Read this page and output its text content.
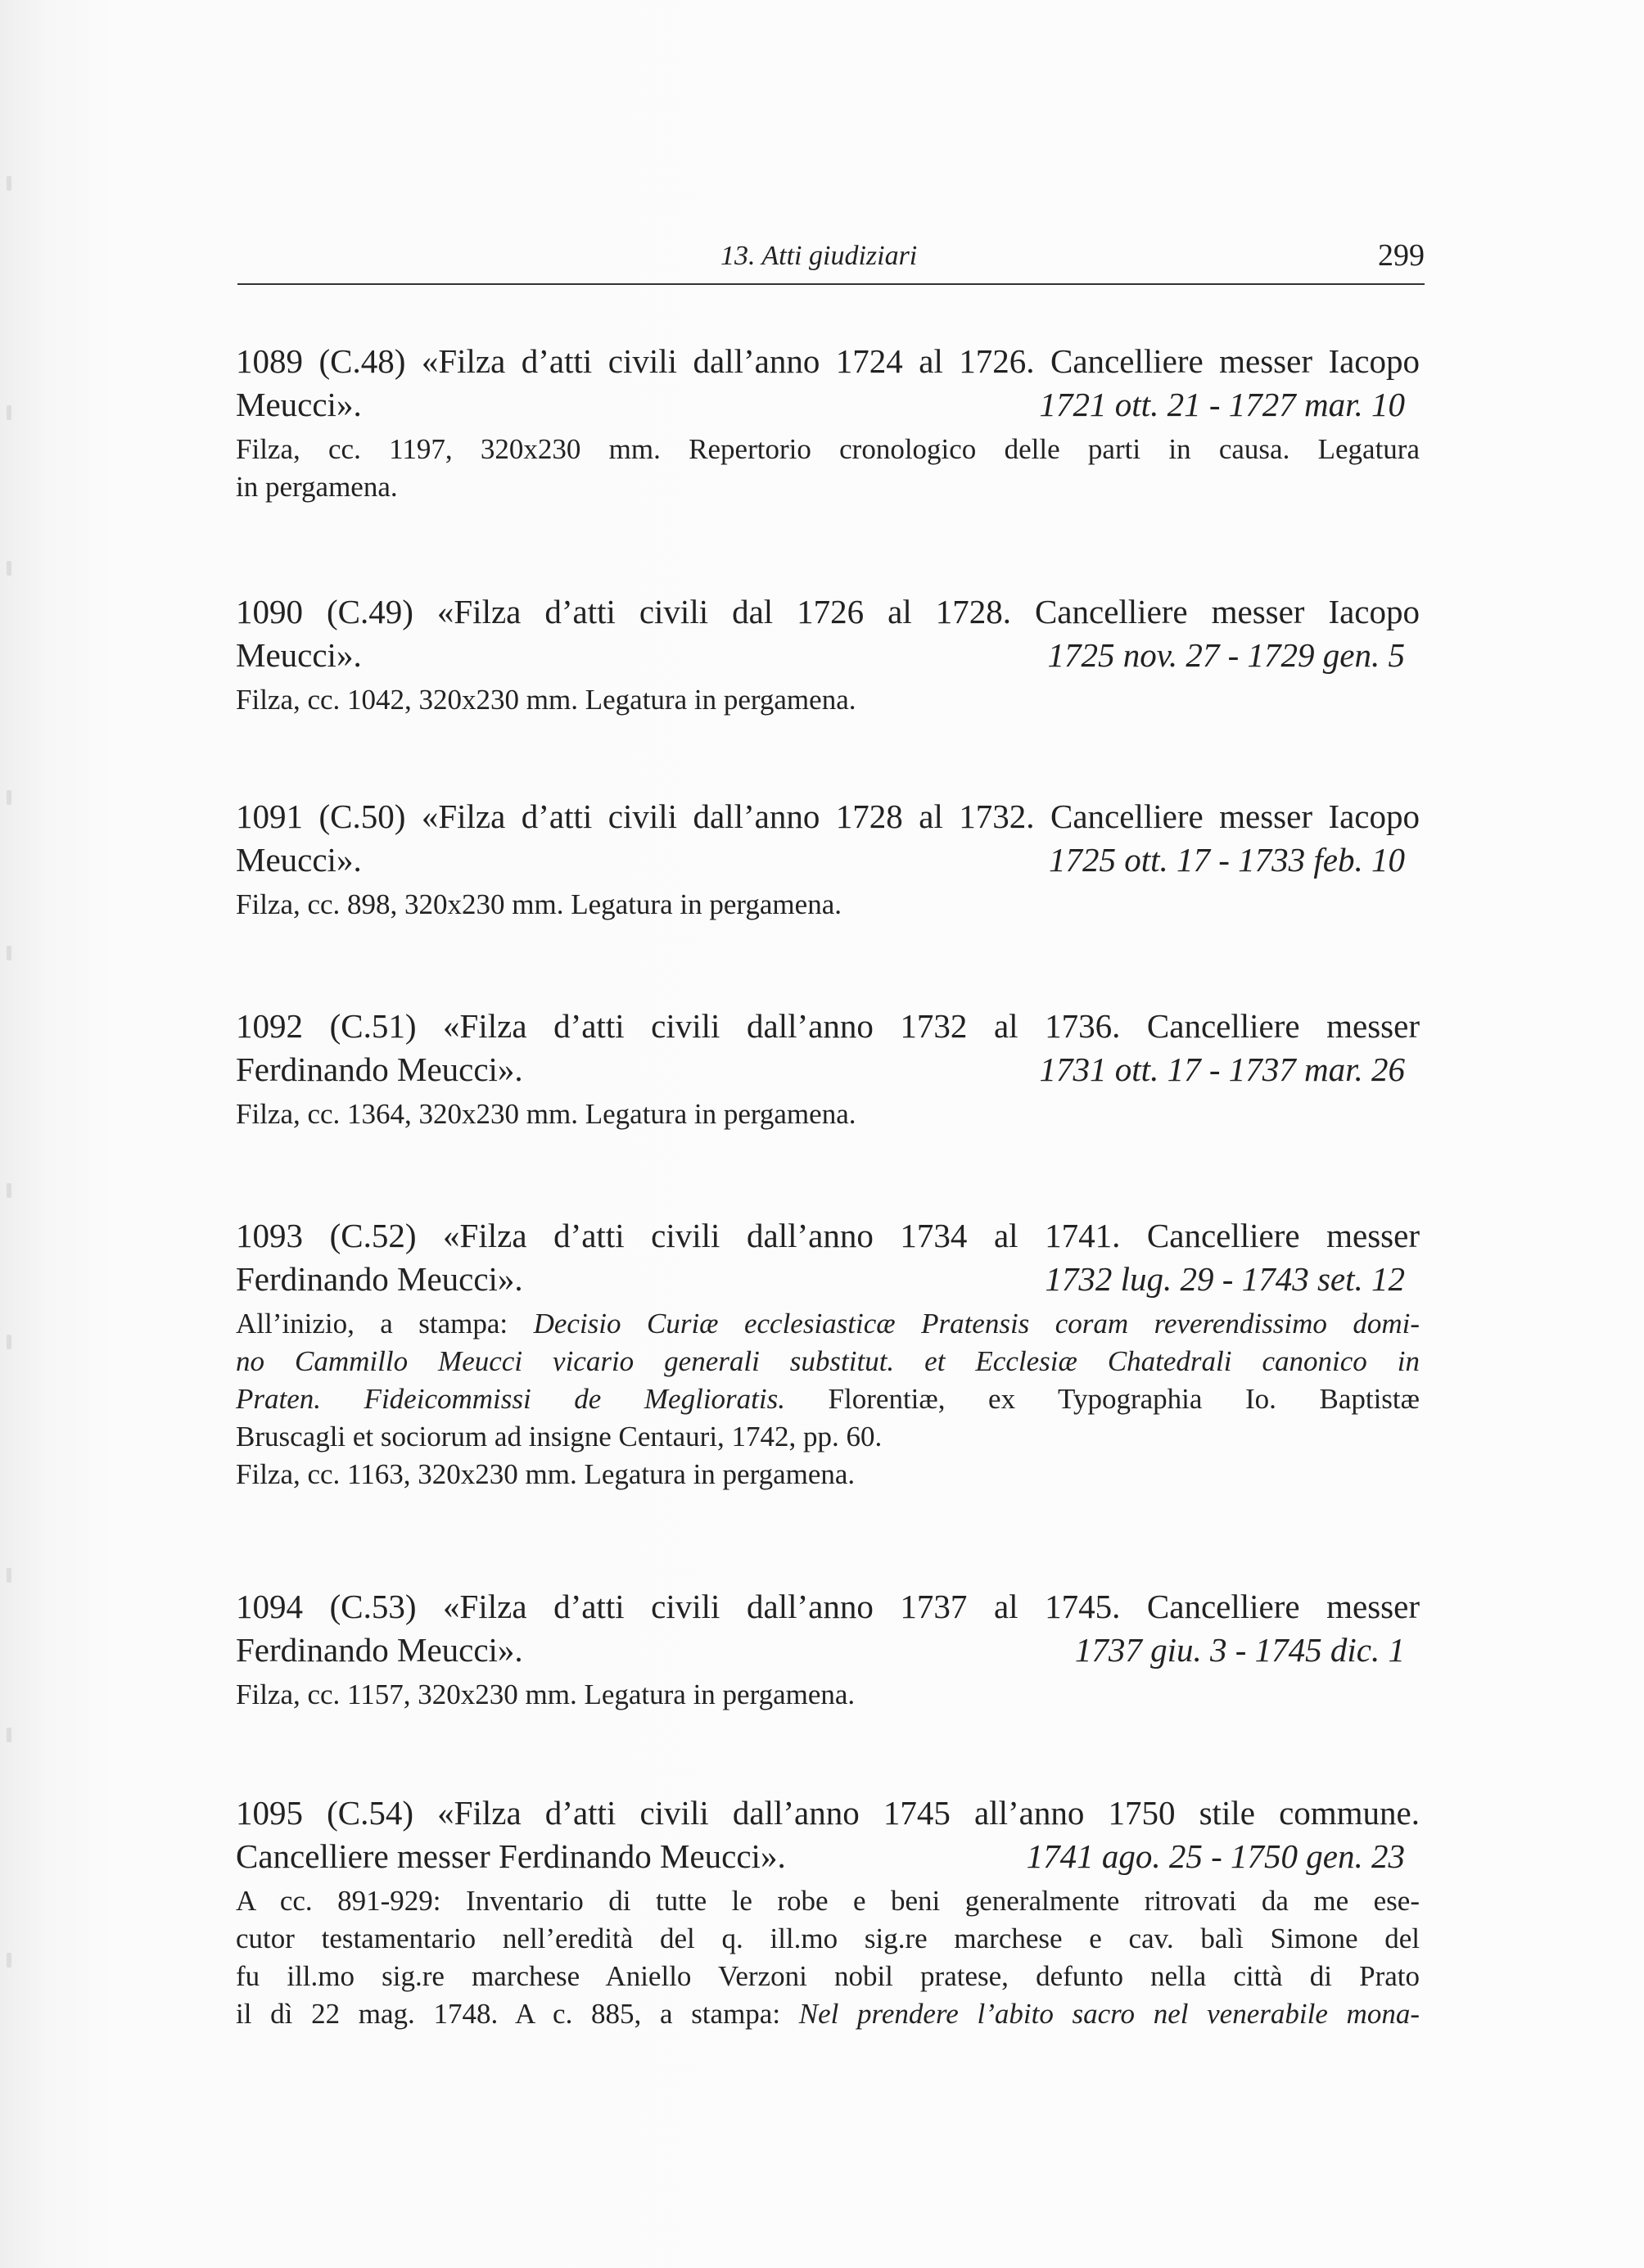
13. Atti giudiziari	299
1089 (C.48) «Filza d’atti civili dall’anno 1724 al 1726. Cancelliere messer Iacopo
Meucci».	1721 ott. 21 - 1727 mar. 10
Filza, cc. 1197, 320x230 mm. Repertorio cronologico delle parti in causa. Legatura
in pergamena.
1090 (C.49) «Filza d’atti civili dal 1726 al 1728. Cancelliere messer Iacopo
Meucci».	1725 nov. 27 - 1729 gen. 5
Filza, cc. 1042, 320x230 mm. Legatura in pergamena.
1091 (C.50) «Filza d’atti civili dall’anno 1728 al 1732. Cancelliere messer Iacopo
Meucci».	1725 ott. 17 - 1733 feb. 10
Filza, cc. 898, 320x230 mm. Legatura in pergamena.
1092 (C.51) «Filza d’atti civili dall’anno 1732 al 1736. Cancelliere messer
Ferdinando Meucci».	1731 ott. 17 - 1737 mar. 26
Filza, cc. 1364, 320x230 mm. Legatura in pergamena.
1093 (C.52) «Filza d’atti civili dall’anno 1734 al 1741. Cancelliere messer
Ferdinando Meucci».	1732 lug. 29 - 1743 set. 12
All’inizio, a stampa: Decisio Curiæ ecclesiasticæ Pratensis coram reverendissimo domi-
no Cammillo Meucci vicario generali substitut. et Ecclesiæ Chatedrali canonico in
Praten. Fideicommissi de Meglioratis. Florentiæ, ex Typographia Io. Baptistæ
Bruscagli et sociorum ad insigne Centauri, 1742, pp. 60.
Filza, cc. 1163, 320x230 mm. Legatura in pergamena.
1094 (C.53) «Filza d’atti civili dall’anno 1737 al 1745. Cancelliere messer
Ferdinando Meucci».	1737 giu. 3 - 1745 dic. 1
Filza, cc. 1157, 320x230 mm. Legatura in pergamena.
1095 (C.54) «Filza d’atti civili dall’anno 1745 all’anno 1750 stile commune.
Cancelliere messer Ferdinando Meucci».	1741 ago. 25 - 1750 gen. 23
A cc. 891-929: Inventario di tutte le robe e beni generalmente ritrovati da me ese-
cutor testamentario nell’eredità del q. ill.mo sig.re marchese e cav. balì Simone del
fu ill.mo sig.re marchese Aniello Verzoni nobil pratese, defunto nella città di Prato
il dì 22 mag. 1748. A c. 885, a stampa: Nel prendere l’abito sacro nel venerabile mona-
